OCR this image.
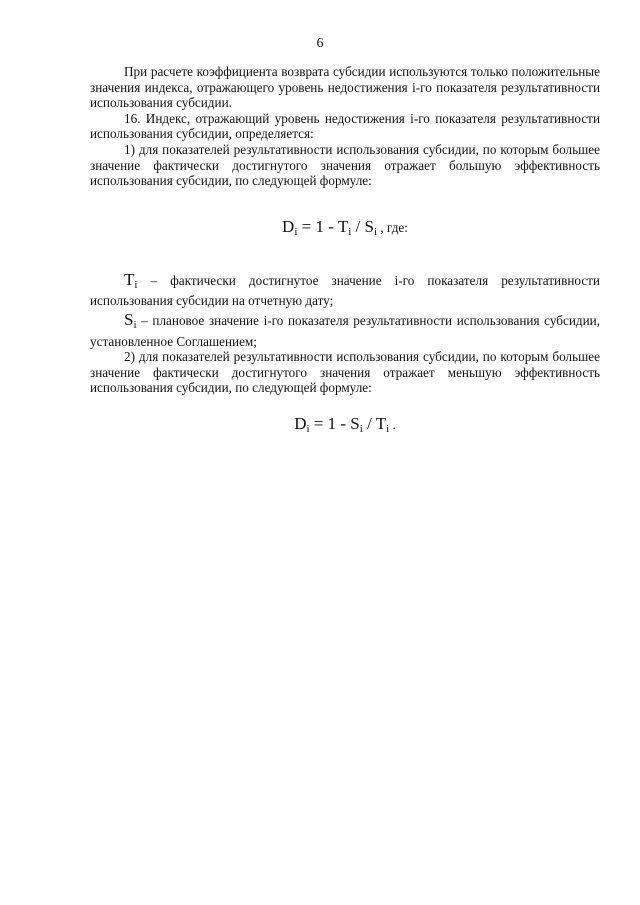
6

При расчете коэффициента возврата субсидии используются только положительные значения индекса, отражающего уровень недостижения i-го показателя результативности использования субсидии.

16. Индекс, отражающий уровень недостижения i-го показателя результативности использования субсидии, определяется:

1) для показателей результативности использования субсидии, по которым большее значение фактически достигнутого значения отражает большую эффективность использования субсидии, по следующей формуле:

$D_i = 1 - T_i / S_i$ , где:

$T_i$ – фактически достигнутое значение i-го показателя результативности использования субсидии на отчетную дату;

$S_i$ – плановое значение i-го показателя результативности использования субсидии, установленное Соглашением;

2) для показателей результативности использования субсидии, по которым большее значение фактически достигнутого значения отражает меньшую эффективность использования субсидии, по следующей формуле:

$D_i = 1 - S_i / T_i$ .
